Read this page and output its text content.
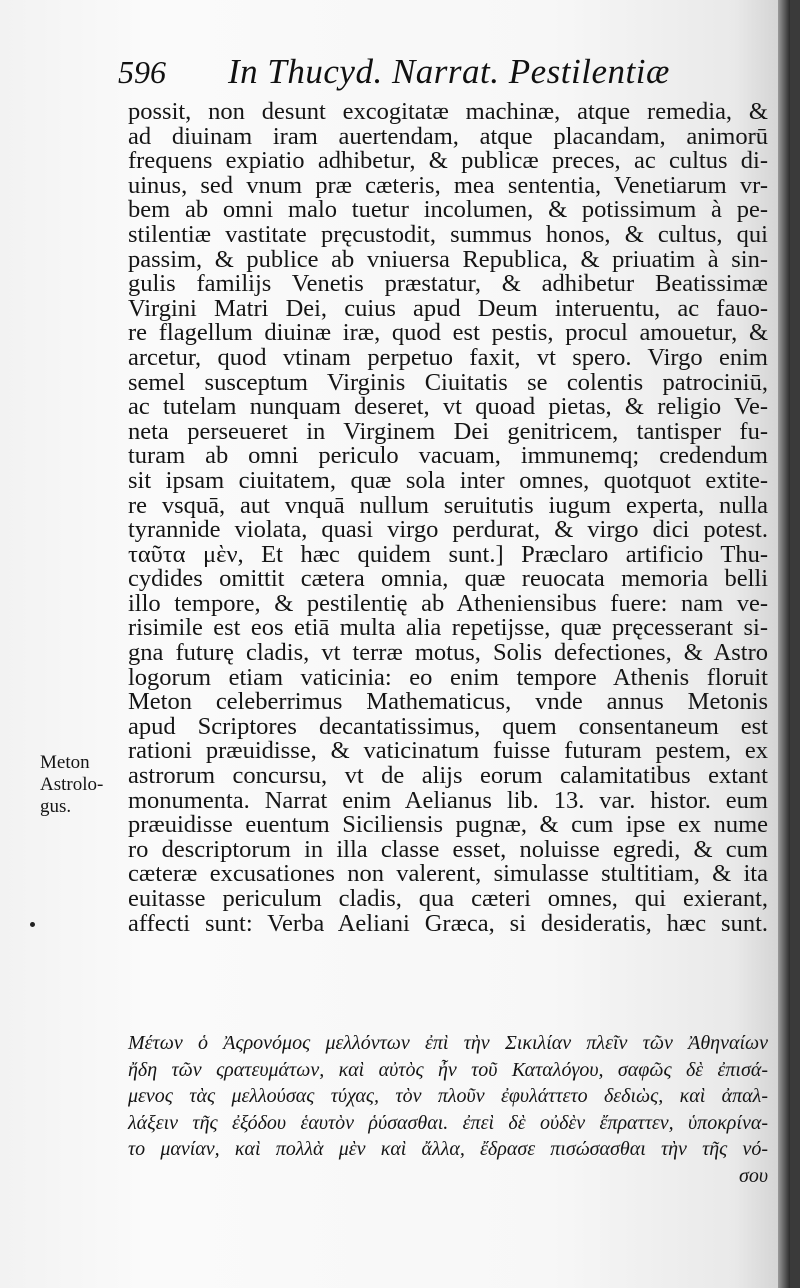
596 In Thucyd. Narrat. Pestilentiæ
possit, non desunt excogitatæ machinæ, atque remedia, &
ad diuinam iram auertendam, atque placandam, animorū
frequens expiatio adhibetur, & publicæ preces, ac cultus di-
uinus, sed vnum præ cæteris, mea sententia, Venetiarum vr-
bem ab omni malo tuetur incolumen, & potissimum à pe-
stilentiæ vastitate pręcustodit, summus honos, & cultus, qui
passim, & publice ab vniuersa Republica, & priuatim à sin-
gulis familijs Venetis præstatur, & adhibetur Beatissimæ
Virgini Matri Dei, cuius apud Deum interuentu, ac fauo-
re flagellum diuinæ iræ, quod est pestis, procul amouetur, &
arcetur, quod vtinam perpetuo faxit, vt spero. Virgo enim
semel susceptum Virginis Ciuitatis se colentis patrociniū,
ac tutelam nunquam deseret, vt quoad pietas, & religio Ve-
neta perseueret in Virginem Dei genitricem, tantisper fu-
turam ab omni periculo vacuam, immunemq; credendum
sit ipsam ciuitatem, quæ sola inter omnes, quotquot extite-
re vsquā, aut vnquā nullum seruitutis iugum experta, nulla
tyrannide violata, quasi virgo perdurat, & virgo dici potest.
ταῦτα μὲν, Et hæc quidem sunt.] Præclaro artificio Thu-
cydides omittit cætera omnia, quæ reuocata memoria belli
illo tempore, & pestilentię ab Atheniensibus fuere: nam ve-
risimile est eos etiā multa alia repetijsse, quæ pręcesserant si-
gna futurę cladis, vt terræ motus, Solis defectiones, & Astro
logorum etiam vaticinia: eo enim tempore Athenis floruit
Meton celeberrimus Mathematicus, vnde annus Metonis
apud Scriptores decantatissimus, quem consentaneum est
rationi præuidisse, & vaticinatum fuisse futuram pestem, ex
astrorum concursu, vt de alijs eorum calamitatibus extant
monumenta. Narrat enim Aelianus lib. 13. var. histor. eum
præuidisse euentum Siciliensis pugnæ, & cum ipse ex nume
ro descriptorum in illa classe esset, noluisse egredi, & cum
cæteræ excusationes non valerent, simulasse stultitiam, & ita
euitasse periculum cladis, qua cæteri omnes, qui exierant,
affecti sunt: Verba Aeliani Græca, si desideratis, hæc sunt.
Μέτων ὁ Ἀςρονόμος μελλόντων ἐπὶ τὴν Σικιλίαν πλεῖν τῶν Ἀθηναίων
ἤδη τῶν ςρατευμάτων, καὶ αὐτὸς ἦν τοῦ Καταλόγου, σαφῶς δὲ ἐπισά-
μενος τὰς μελλούσας τύχας, τὸν πλοῦν ἐφυλάττετο δεδιὼς, καὶ ἀπαλ-
λάξειν τῆς ἐξόδου ἑαυτὸν ῥύσασθαι. ἐπεὶ δὲ οὐδὲν ἔπραττεν, ὑποκρίνα-
το μανίαν, καὶ πολλὰ μὲν καὶ ἄλλα, ἔδρασε πισώσασθαι τὴν τῆς νό-
σου
Meton
Astrolo-
gus.
